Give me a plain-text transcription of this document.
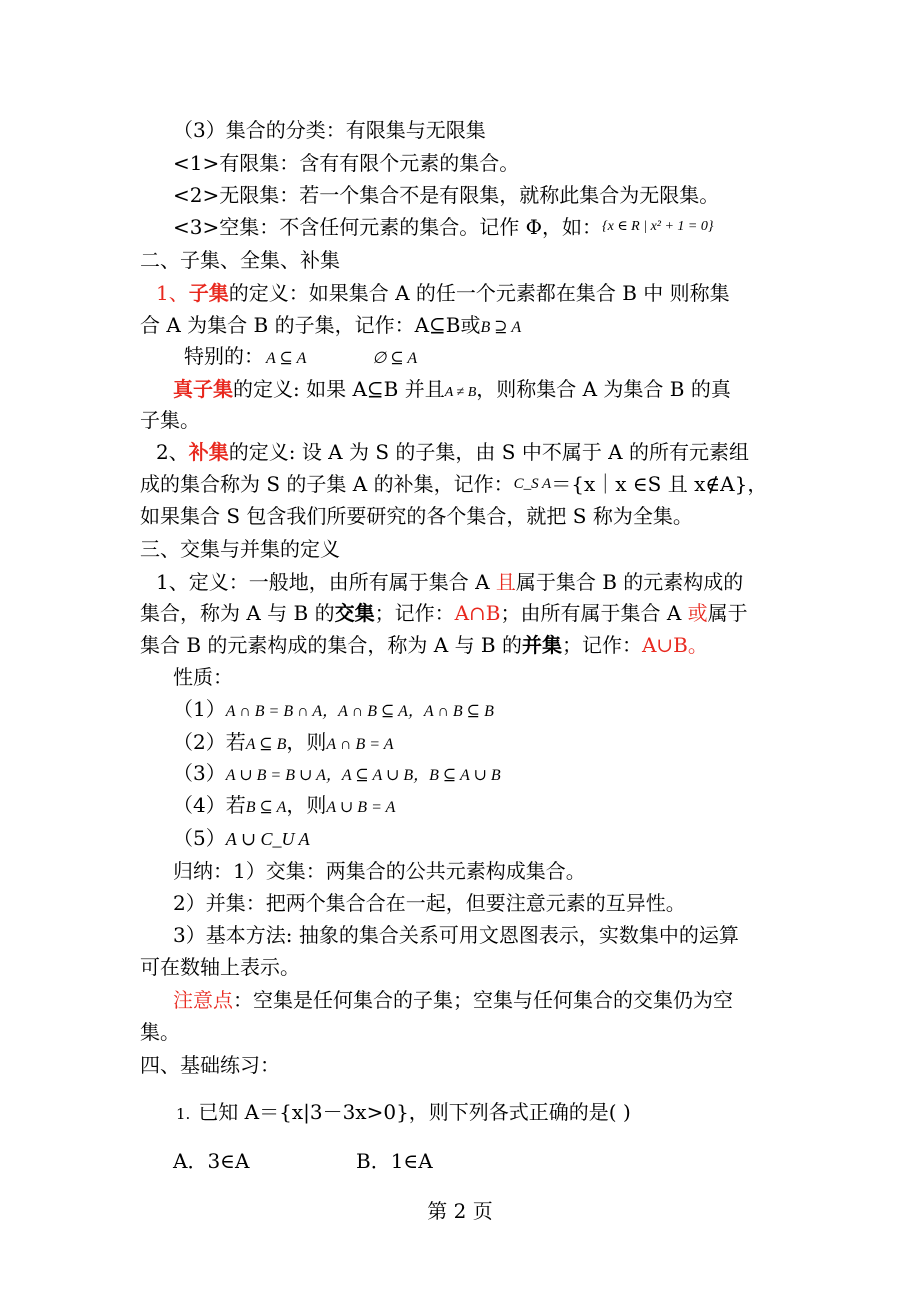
（3）集合的分类：有限集与无限集
<1>有限集：含有有限个元素的集合。
<2>无限集：若一个集合不是有限集，就称此集合为无限集。
<3>空集：不含任何元素的集合。记作 Φ，如：$^{\{x \in R | x^2 + 1 = 0\}}$
二、子集、全集、补集
1、子集的定义：如果集合 A 的任一个元素都在集合 B 中 则称集
合 A 为集合 B 的子集，记作：A⊆B或B ⊇ A
特别的： A ⊆ A	∅ ⊆ A
真子集的定义: 如果 A⊆B 并且A ≠ B，则称集合 A 为集合 B 的真
子集。
2、补集的定义: 设 A 为 S 的子集，由 S 中不属于 A 的所有元素组
成的集合称为 S 的子集 A 的补集，记作：C_S A＝{x｜x ∈S 且 x∉A}，
如果集合 S 包含我们所要研究的各个集合，就把 S 称为全集。
三、交集与并集的定义
1、定义：一般地，由所有属于集合 A 且属于集合 B 的元素构成的
集合，称为 A 与 B 的交集；记作：A∩B；由所有属于集合 A 或属于
集合 B 的元素构成的集合，称为 A 与 B 的并集；记作：A∪B。
性质：
（1）A ∩ B = B ∩ A，A ∩ B ⊆ A，A ∩ B ⊆ B
（2）若A ⊆ B，则A ∩ B = A
（3）A ∪ B = B ∪ A，A ⊆ A ∪ B，B ⊆ A ∪ B
（4）若B ⊆ A，则A ∪ B = A
（5）A ∪ C_U A
归纳：1）交集：两集合的公共元素构成集合。
2）并集：把两个集合合在一起，但要注意元素的互异性。
3）基本方法: 抽象的集合关系可用文恩图表示，实数集中的运算
可在数轴上表示。
注意点：空集是任何集合的子集；空集与任何集合的交集仍为空
集。
四、基础练习：
1. 已知 A＝{x|3－3x>0}，则下列各式正确的是( )
A．3∈A	B．1∈A
第 2 页
